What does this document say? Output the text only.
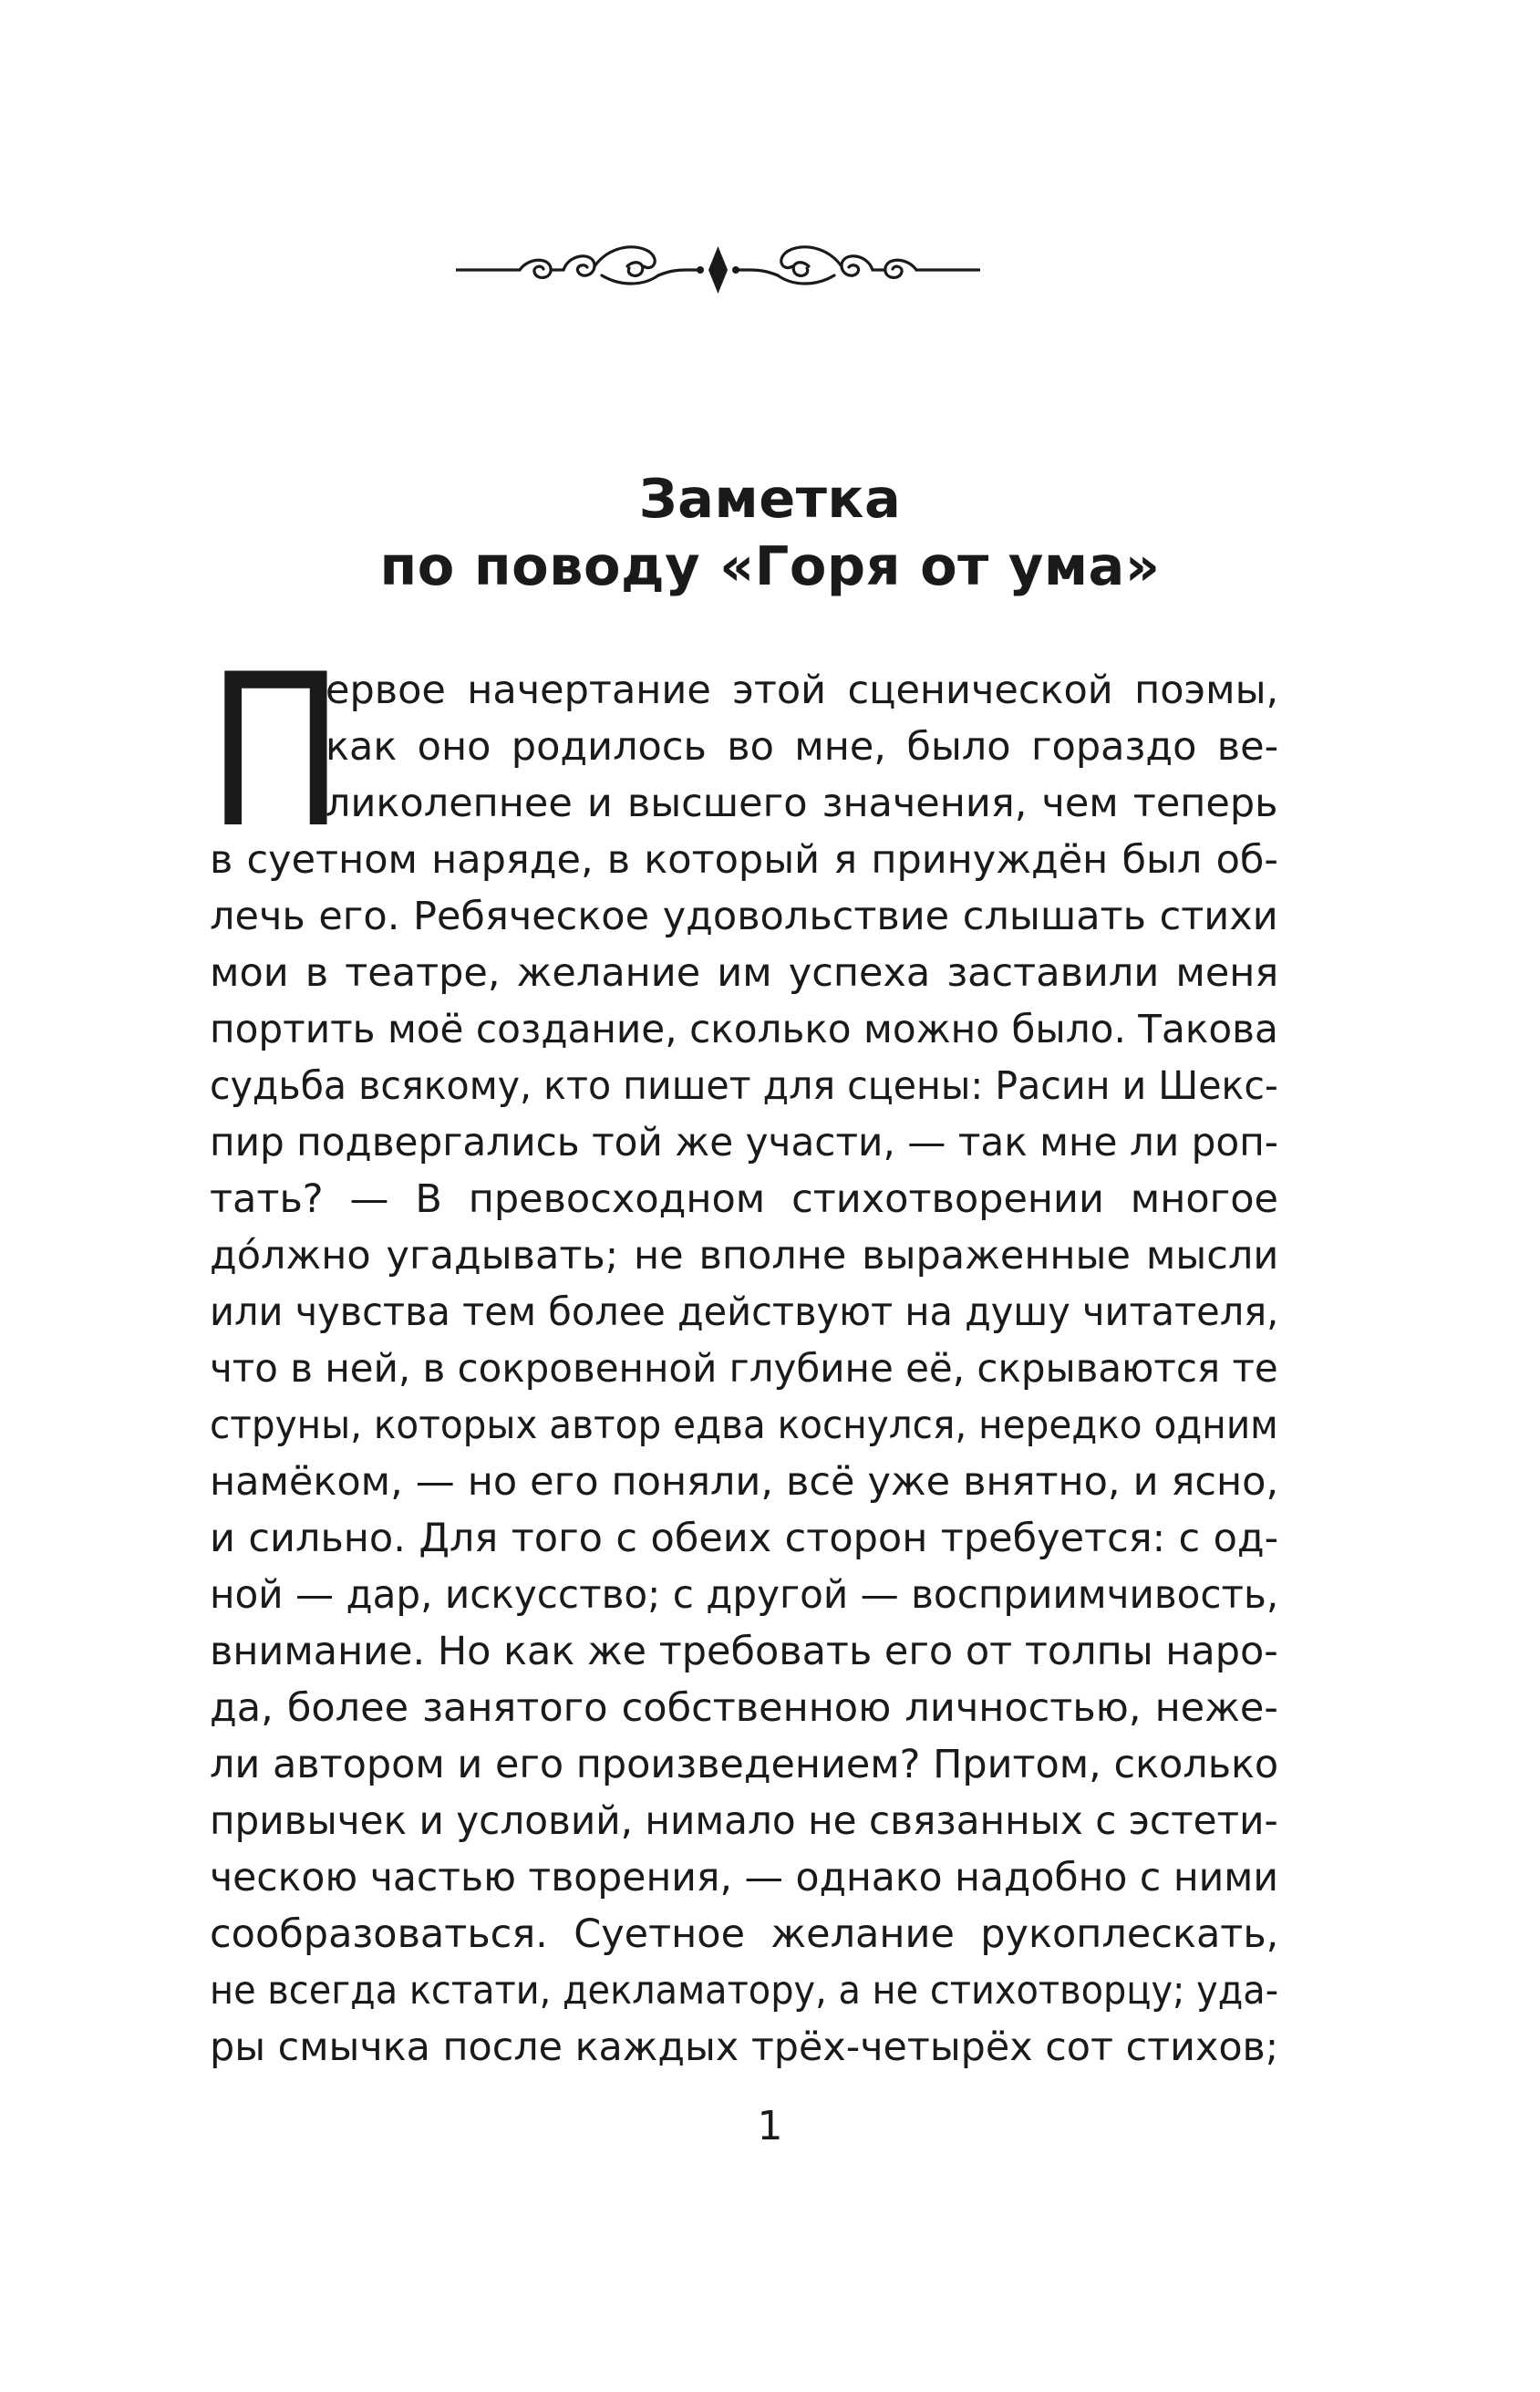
Заметка
по поводу «Горя от ума»
П
ервое начертание этой сценической поэмы,
как оно родилось во мне, было гораздо ве-
ликолепнее и высшего значения, чем теперь
в суетном наряде, в который я принуждён был об-
лечь его. Ребяческое удовольствие слышать стихи
мои в театре, желание им успеха заставили меня
портить моё создание, сколько можно было. Такова
судьба всякому, кто пишет для сцены: Расин и Шекс-
пир подвергались той же участи, — так мне ли роп-
тать? — В превосходном стихотворении многое
до́лжно угадывать; не вполне выраженные мысли
или чувства тем более действуют на душу читателя,
что в ней, в сокровенной глубине её, скрываются те
струны, которых автор едва коснулся, нередко одним
намёком, — но его поняли, всё уже внятно, и ясно,
и сильно. Для того с обеих сторон требуется: с од-
ной — дар, искусство; с другой — восприимчивость,
внимание. Но как же требовать его от толпы наро-
да, более занятого собственною личностью, неже-
ли автором и его произведением? Притом, сколько
привычек и условий, нимало не связанных с эстети-
ческою частью творения, — однако надобно с ними
сообразоваться. Суетное желание рукоплескать,
не всегда кстати, декламатору, а не стихотворцу; уда-
ры смычка после каждых трёх-четырёх сот стихов;
1
